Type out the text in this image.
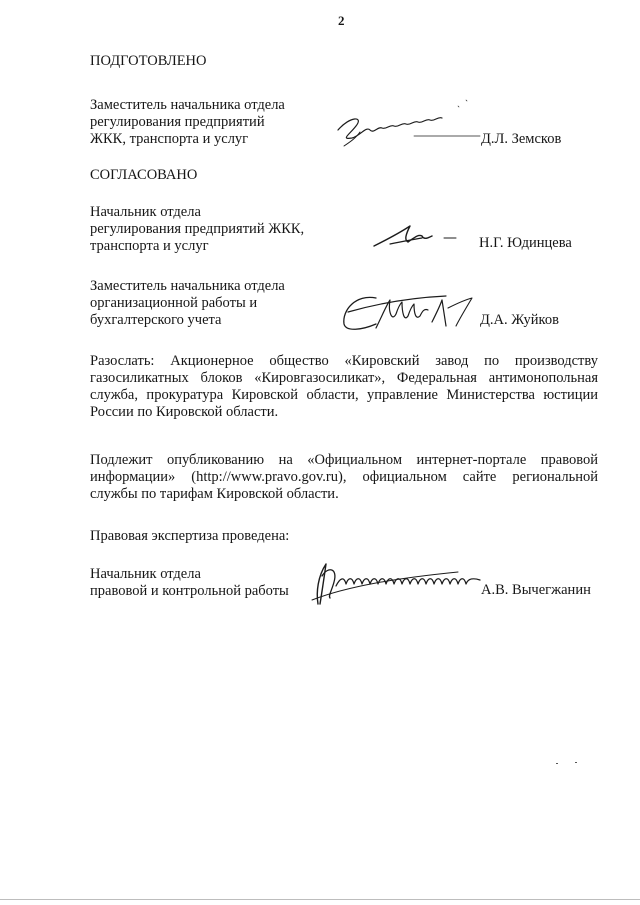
2
ПОДГОТОВЛЕНО
Заместитель начальника отдела
регулирования предприятий
ЖКК, транспорта и услуг	Д.Л. Земсков
СОГЛАСОВАНО
Начальник отдела
регулирования предприятий ЖКК,
транспорта и услуг	Н.Г. Юдинцева
Заместитель начальника отдела
организационной работы и
бухгалтерского учета	Д.А. Жуйков
Разослать: Акционерное общество «Кировский завод по производству
газосиликатных блоков «Кировгазосиликат», Федеральная антимонопольная
служба, прокуратура Кировской области, управление Министерства юстиции
России по Кировской области.
Подлежит опубликованию на «Официальном интернет-портале правовой
информации» (http://www.pravo.gov.ru), официальном сайте региональной
службы по тарифам Кировской области.
Правовая экспертиза проведена:
Начальник отдела
правовой и контрольной работы	А.В. Вычегжанин
